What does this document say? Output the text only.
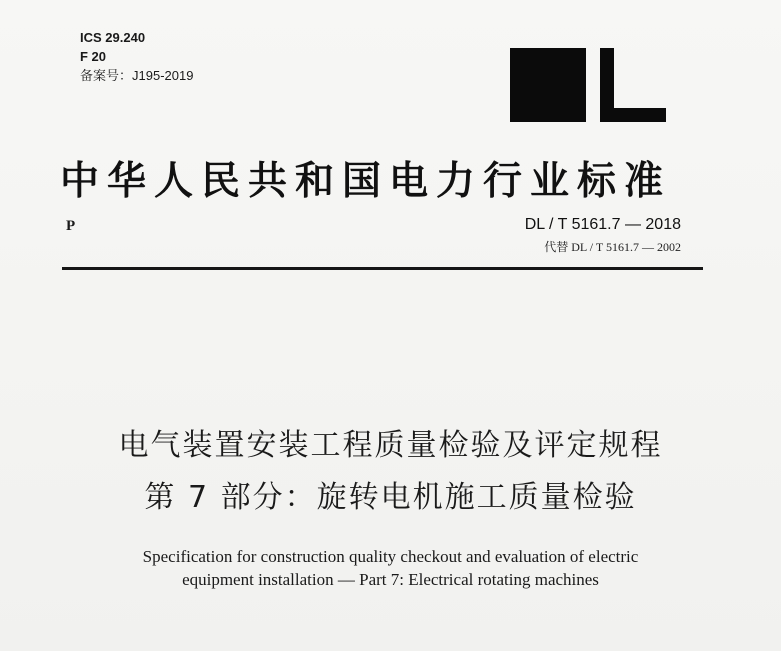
ICS 29.240
F 20
备案号：J195-2019
中华人民共和国电力行业标准
P	DL / T 5161.7 — 2018
代替 DL / T 5161.7 — 2002
电气装置安装工程质量检验及评定规程
第 7 部分：旋转电机施工质量检验
Specification for construction quality checkout and evaluation of electric
equipment installation — Part 7: Electrical rotating machines
